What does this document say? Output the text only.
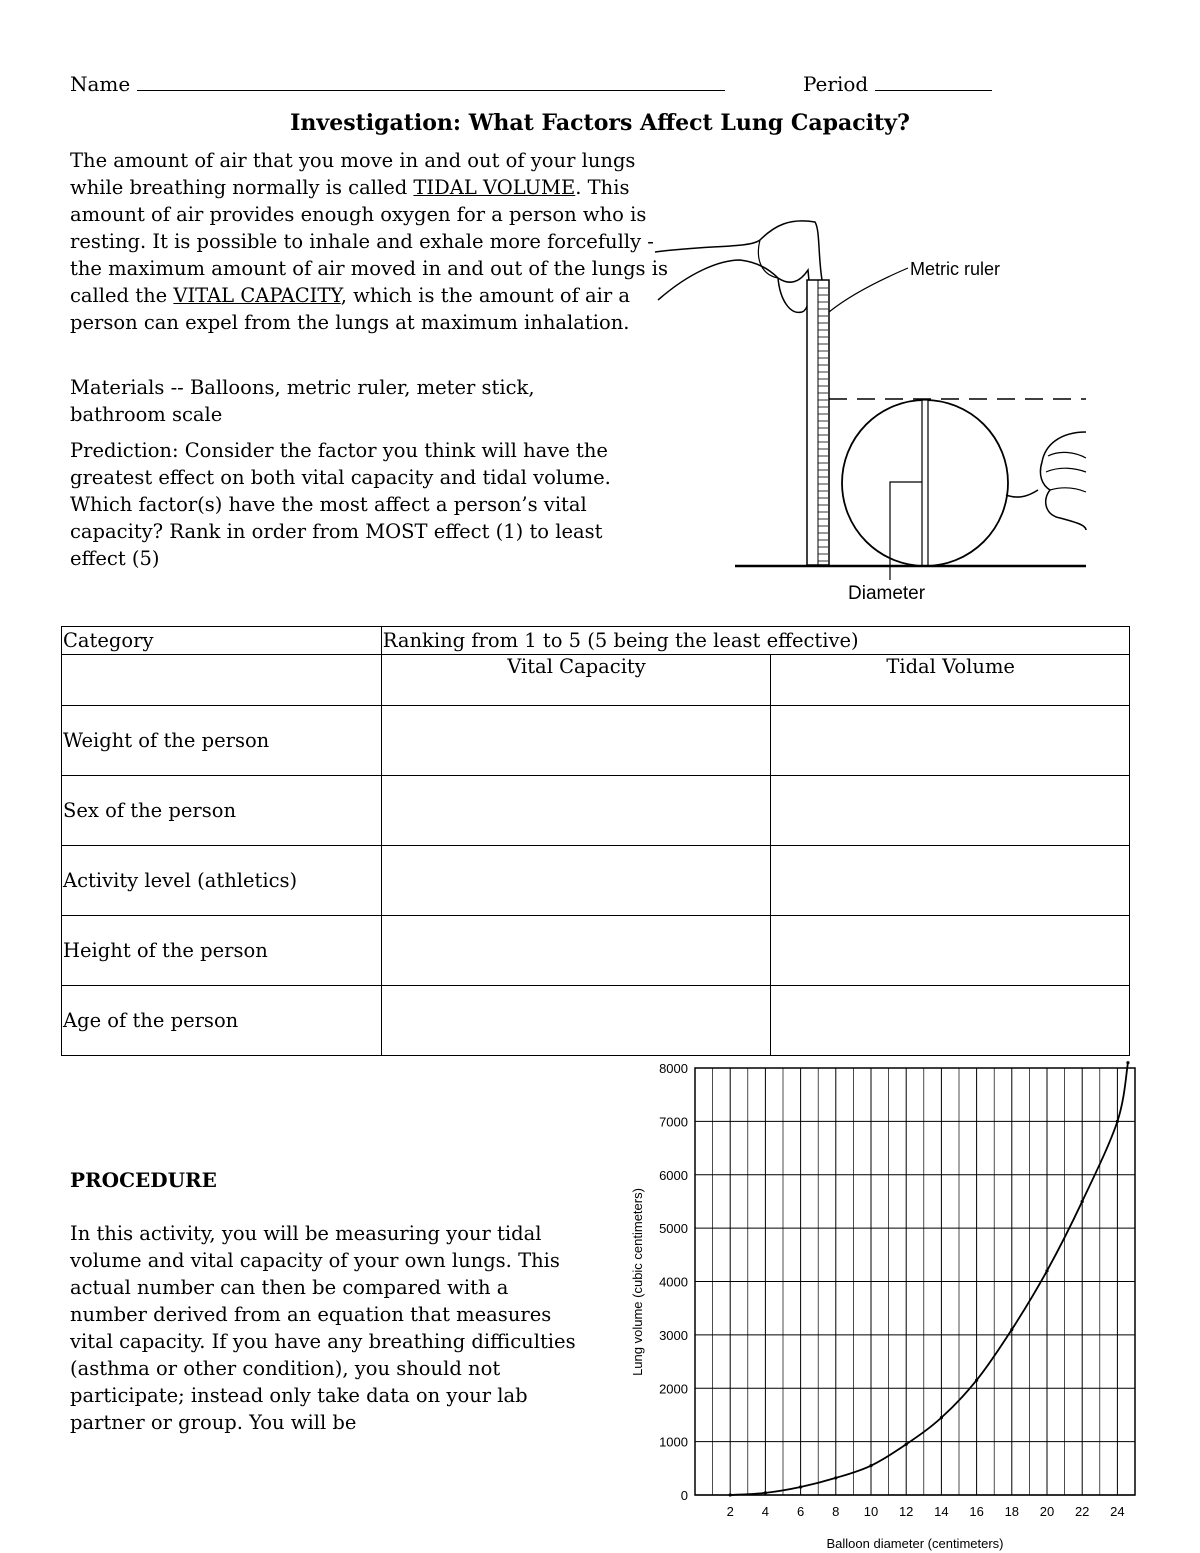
Name	Period
Investigation: What Factors Affect Lung Capacity?

The amount of air that you move in and out of your lungs while breathing normally is called TIDAL VOLUME. This amount of air provides enough oxygen for a person who is resting. It is possible to inhale and exhale more forcefully - the maximum amount of air moved in and out of the lungs is called the VITAL CAPACITY, which is the amount of air a person can expel from the lungs at maximum inhalation.

Materials -- Balloons, metric ruler, meter stick, bathroom scale

Prediction: Consider the factor you think will have the greatest effect on both vital capacity and tidal volume. Which factor(s) have the most affect a person’s vital capacity? Rank in order from MOST effect (1) to least effect (5)

Metric ruler
Diameter
Category	Ranking from 1 to 5 (5 being the least effective)	
	Vital Capacity	Tidal Volume
Weight of the person		
Sex of the person		
Activity level (athletics)		
Height of the person		
Age of the person		
PROCEDURE

In this activity, you will be measuring your tidal volume and vital capacity of your own lungs. This actual number can then be compared with a number derived from an equation that measures vital capacity. If you have any breathing difficulties (asthma or other condition), you should not participate; instead only take data on your lab partner or group. You will be

2 4 6 8 10 12 14 16 18 20 22 24
0
1000
2000
3000
4000
5000
6000
7000
8000
Balloon diameter (centimeters)
Lung volume (cubic centimeters)
